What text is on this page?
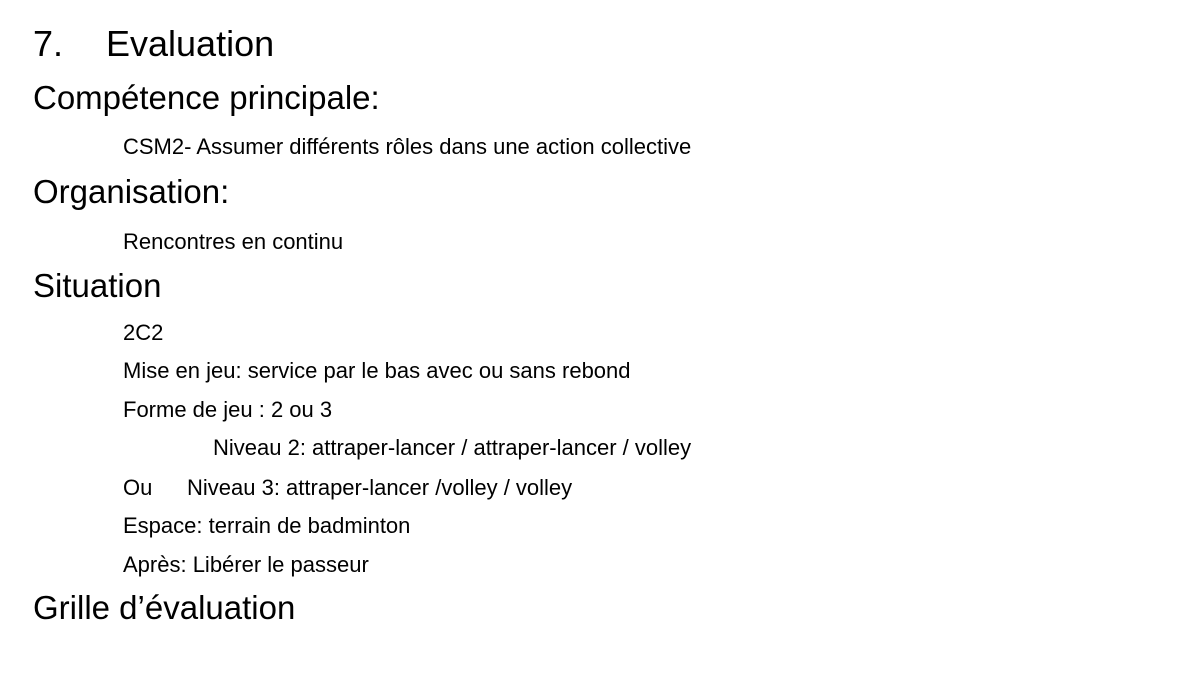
7. Evaluation
Compétence principale:
CSM2- Assumer différents rôles dans une action collective
Organisation:
Rencontres en continu
Situation
2C2
Mise en jeu: service par le bas avec ou sans rebond
Forme de jeu : 2 ou 3
Niveau 2: attraper-lancer / attraper-lancer / volley
Ou Niveau 3: attraper-lancer /volley / volley
Espace: terrain de badminton
Après: Libérer le passeur
Grille d’évaluation
